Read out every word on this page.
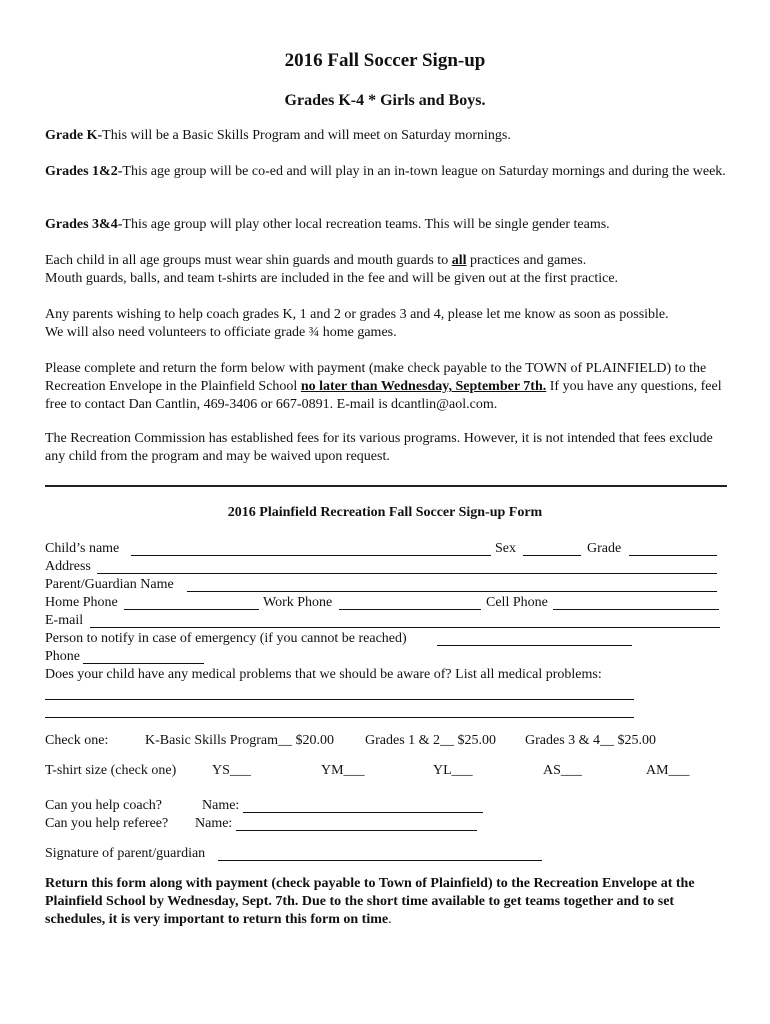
2016 Fall Soccer Sign-up
Grades K-4 * Girls and Boys.

Grade K-This will be a Basic Skills Program and will meet on Saturday mornings.

Grades 1&2-This age group will be co-ed and will play in an in-town league on Saturday mornings and during the week.

Grades 3&4-This age group will play other local recreation teams. This will be single gender teams.

Each child in all age groups must wear shin guards and mouth guards to all practices and games.
Mouth guards, balls, and team t-shirts are included in the fee and will be given out at the first practice.

Any parents wishing to help coach grades K, 1 and 2 or grades 3 and 4, please let me know as soon as possible.
We will also need volunteers to officiate grade ¾ home games.

Please complete and return the form below with payment (make check payable to the TOWN of PLAINFIELD) to the Recreation Envelope in the Plainfield School no later than Wednesday, September 7th. If you have any questions, feel free to contact Dan Cantlin, 469-3406 or 667-0891. E-mail is dcantlin@aol.com.

The Recreation Commission has established fees for its various programs. However, it is not intended that fees exclude any child from the program and may be waived upon request.

2016 Plainfield Recreation Fall Soccer Sign-up Form
Child’s name	Sex	Grade
Address
Parent/Guardian Name
Home Phone	Work Phone	Cell Phone
E-mail
Person to notify in case of emergency (if you cannot be reached)
Phone
Does your child have any medical problems that we should be aware of? List all medical problems:
Check one:	K-Basic Skills Program__ $20.00 Grades 1 & 2__ $25.00 Grades 3 & 4__ $25.00
T-shirt size (check one)	YS___	YM___	YL___	AS___	AM___
Can you help coach?	Name:
Can you help referee? Name:
Signature of parent/guardian

Return this form along with payment (check payable to Town of Plainfield) to the Recreation Envelope at the Plainfield School by Wednesday, Sept. 7th. Due to the short time available to get teams together and to set schedules, it is very important to return this form on time.
